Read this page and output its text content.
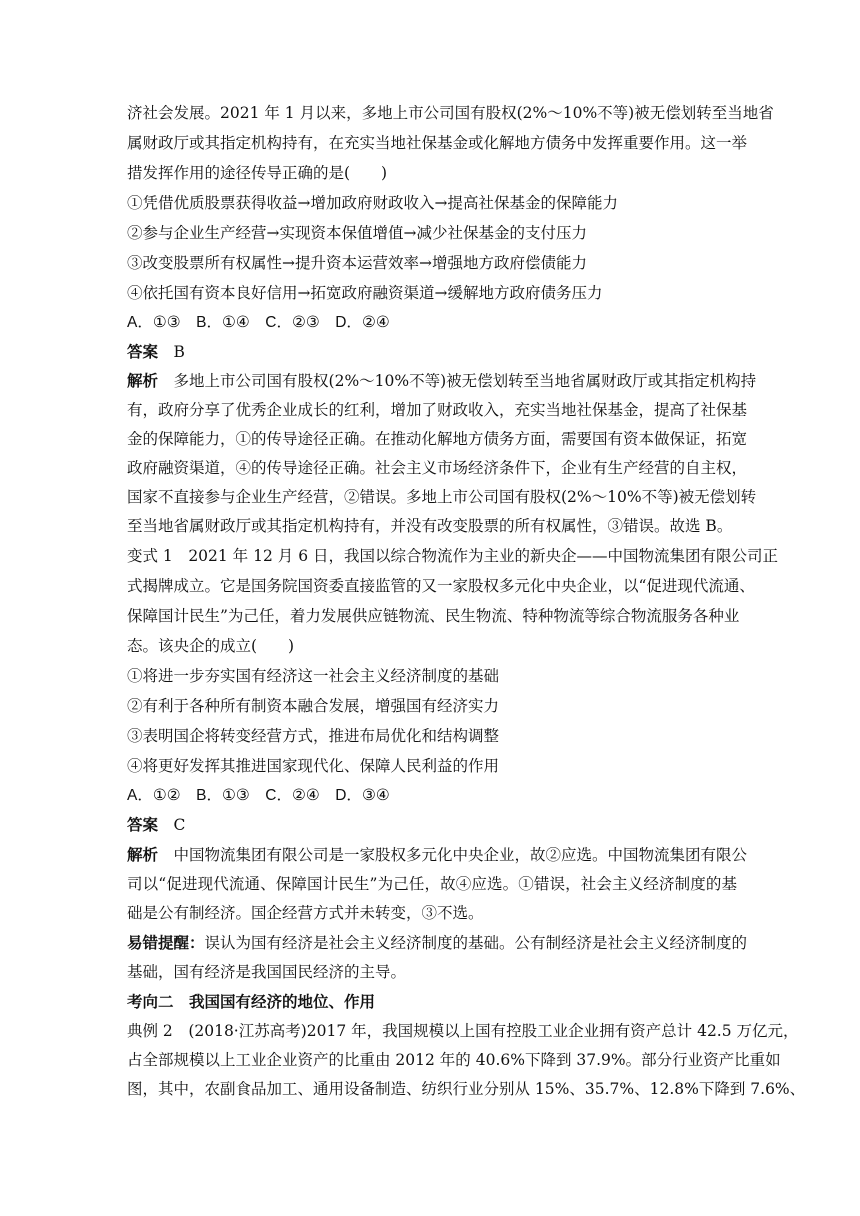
济社会发展。2021 年 1 月以来，多地上市公司国有股权(2%～10%不等)被无偿划转至当地省
属财政厅或其指定机构持有，在充实当地社保基金或化解地方债务中发挥重要作用。这一举
措发挥作用的途径传导正确的是(　　)
①凭借优质股票获得收益→增加政府财政收入→提高社保基金的保障能力
②参与企业生产经营→实现资本保值增值→减少社保基金的支付压力
③改变股票所有权属性→提升资本运营效率→增强地方政府偿债能力
④依托国有资本良好信用→拓宽政府融资渠道→缓解地方政府债务压力
A．①③　B．①④　C．②③　D．②④
答案　 B
解析　 多地上市公司国有股权(2%～10%不等)被无偿划转至当地省属财政厅或其指定机构持
有，政府分享了优秀企业成长的红利，增加了财政收入，充实当地社保基金，提高了社保基
金的保障能力，①的传导途径正确。在推动化解地方债务方面，需要国有资本做保证，拓宽
政府融资渠道，④的传导途径正确。社会主义市场经济条件下，企业有生产经营的自主权，
国家不直接参与企业生产经营，②错误。多地上市公司国有股权(2%～10%不等)被无偿划转
至当地省属财政厅或其指定机构持有，并没有改变股票的所有权属性，③错误。故选 B。
变式 1　 2021 年 12 月 6 日，我国以综合物流作为主业的新央企——中国物流集团有限公司正
式揭牌成立。它是国务院国资委直接监管的又一家股权多元化中央企业，以“促进现代流通、
保障国计民生”为己任，着力发展供应链物流、民生物流、特种物流等综合物流服务各种业
态。该央企的成立(　　)
①将进一步夯实国有经济这一社会主义经济制度的基础
②有利于各种所有制资本融合发展，增强国有经济实力
③表明国企将转变经营方式，推进布局优化和结构调整
④将更好发挥其推进国家现代化、保障人民利益的作用
A．①②　B．①③　C．②④　D．③④
答案　 C
解析　 中国物流集团有限公司是一家股权多元化中央企业，故②应选。中国物流集团有限公
司以“促进现代流通、保障国计民生”为己任，故④应选。①错误，社会主义经济制度的基
础是公有制经济。国企经营方式并未转变，③不选。
易错提醒：误认为国有经济是社会主义经济制度的基础。公有制经济是社会主义经济制度的
基础，国有经济是我国国民经济的主导。
考向二　我国国有经济的地位、作用
典例 2　 (2018·江苏高考)2017 年，我国规模以上国有控股工业企业拥有资产总计 42.5 万亿元，
占全部规模以上工业企业资产的比重由 2012 年的 40.6%下降到 37.9%。部分行业资产比重如
图，其中，农副食品加工、通用设备制造、纺织行业分别从 15%、35.7%、12.8%下降到 7.6%、
